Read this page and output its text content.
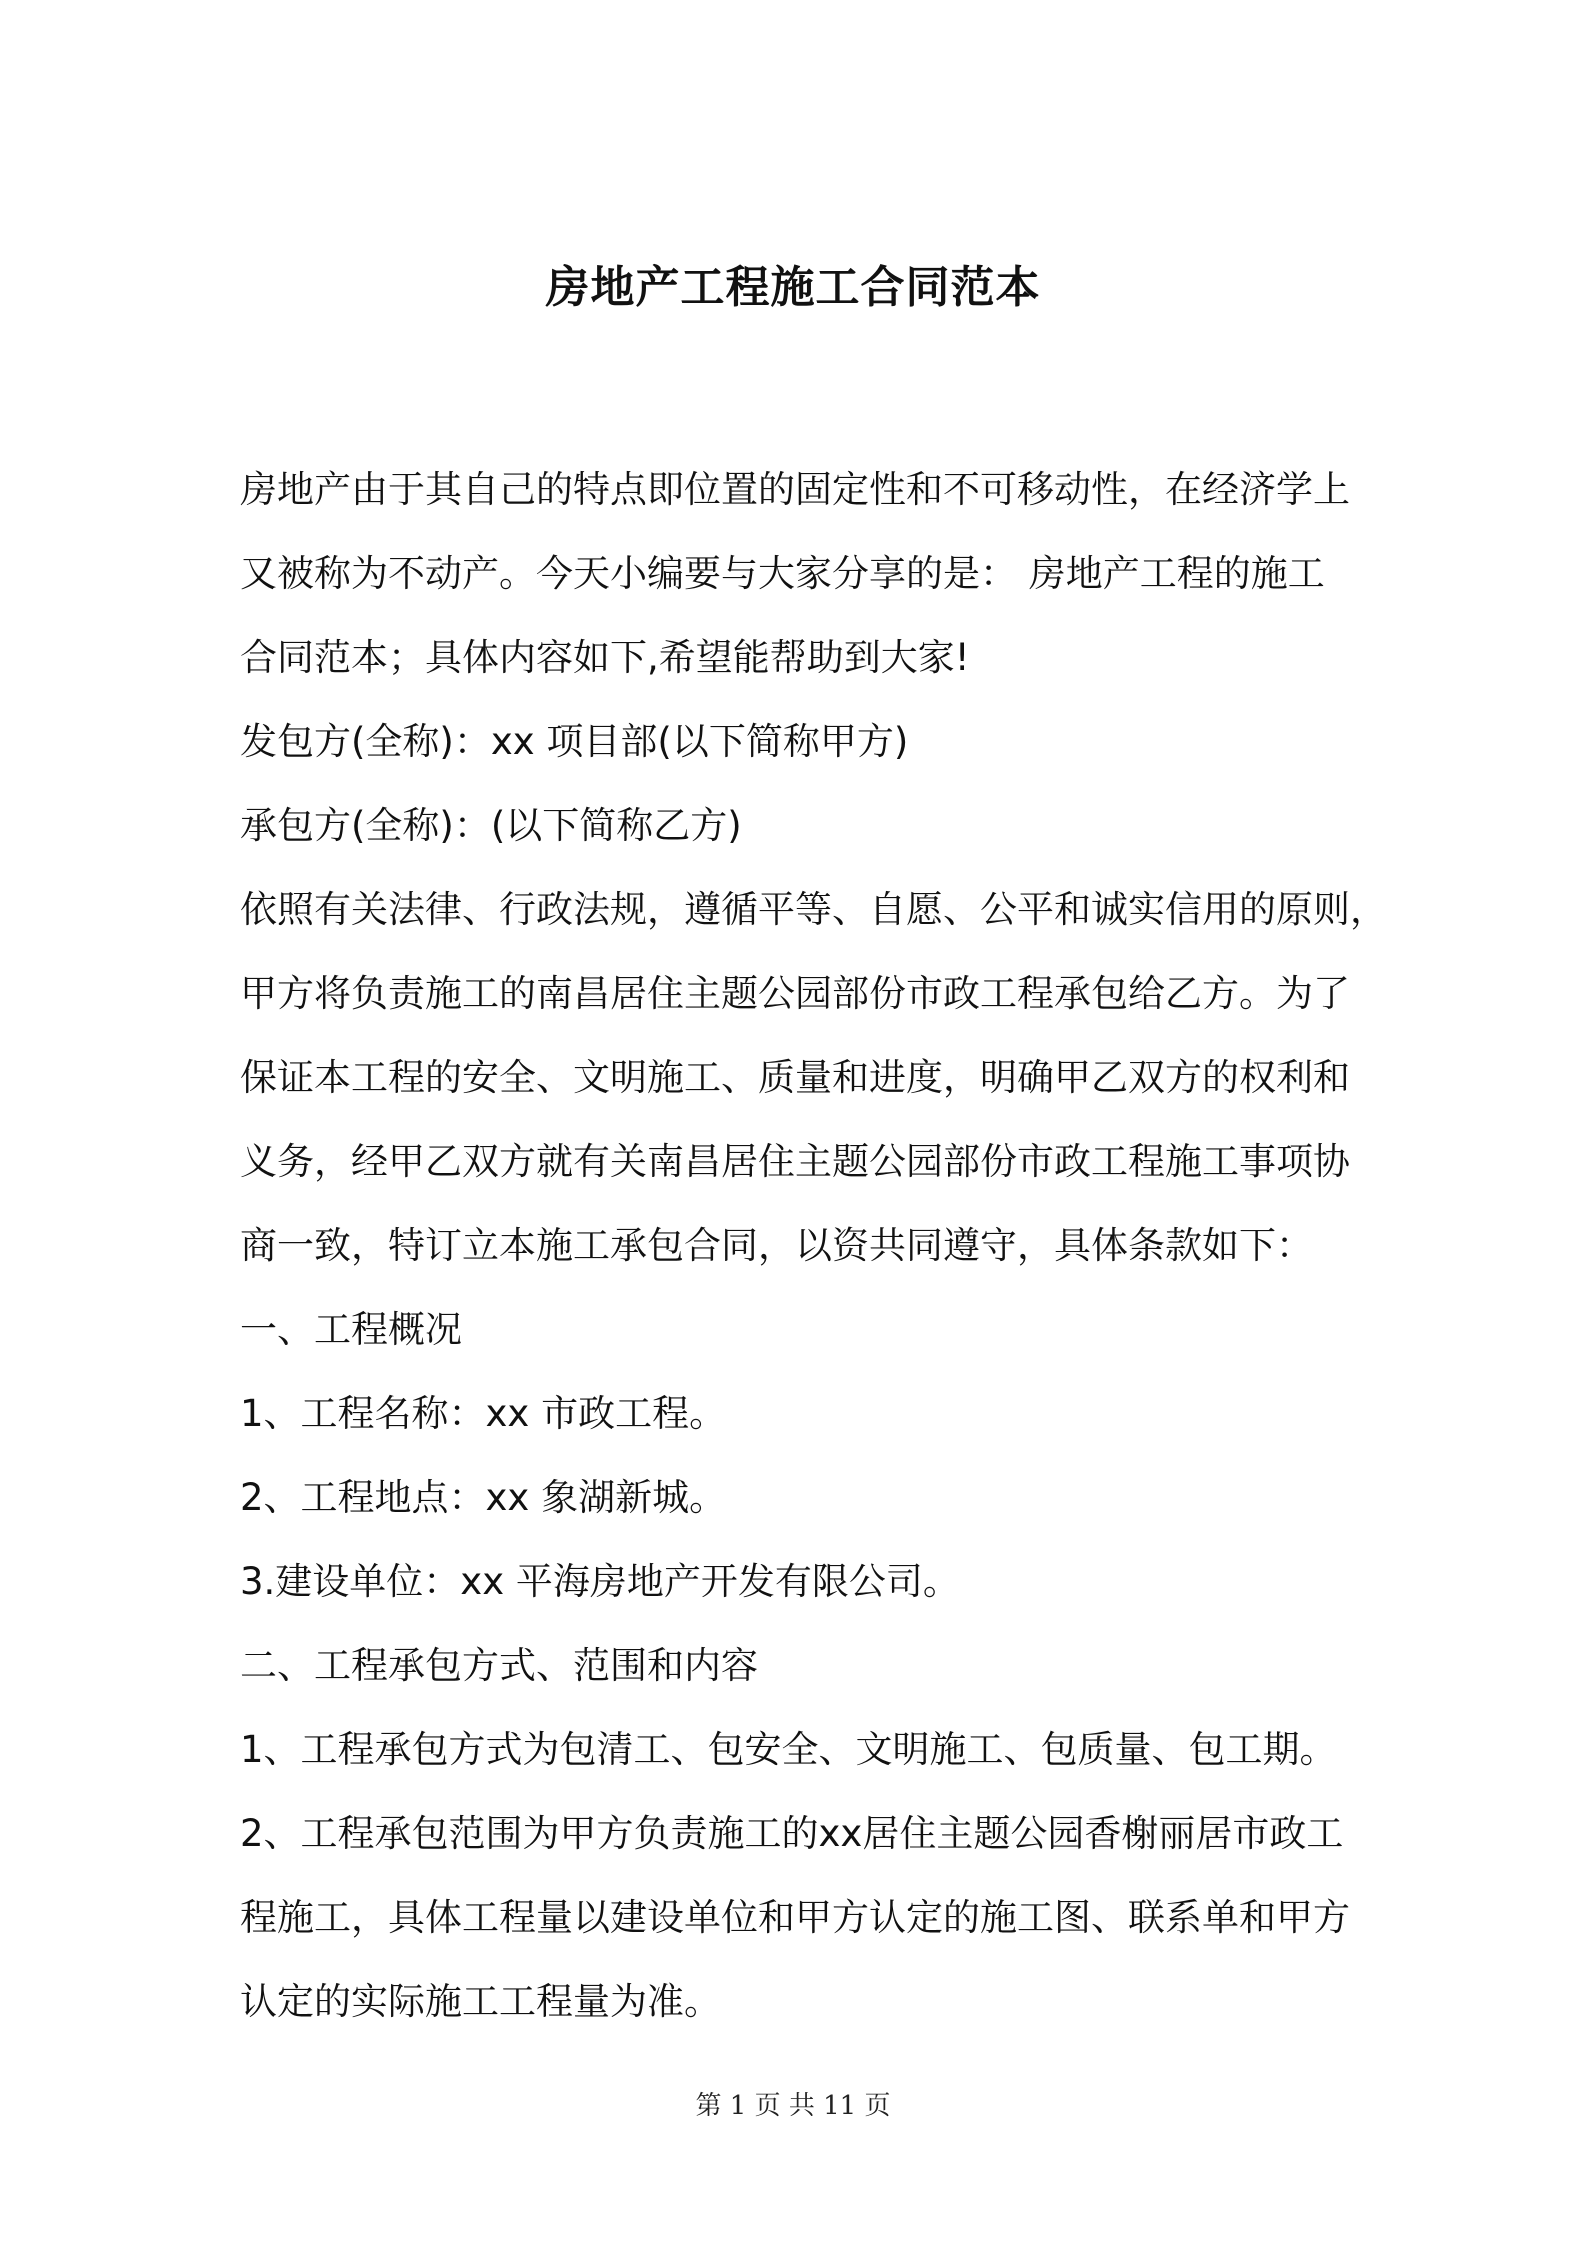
房地产工程施工合同范本

房地产由于其自己的特点即位置的固定性和不可移动性，在经济学上
又被称为不动产。今天小编要与大家分享的是： 房地产工程的施工
合同范本；具体内容如下,希望能帮助到大家!

发包方(全称)：xx 项目部(以下简称甲方)

承包方(全称)：(以下简称乙方)

依照有关法律、行政法规，遵循平等、自愿、公平和诚实信用的原则，
甲方将负责施工的南昌居住主题公园部份市政工程承包给乙方。为了
保证本工程的安全、文明施工、质量和进度，明确甲乙双方的权利和
义务，经甲乙双方就有关南昌居住主题公园部份市政工程施工事项协
商一致，特订立本施工承包合同，以资共同遵守，具体条款如下：

一、工程概况

1、工程名称：xx 市政工程。

2、工程地点：xx 象湖新城。

3.建设单位：xx 平海房地产开发有限公司。

二、工程承包方式、范围和内容

1、工程承包方式为包清工、包安全、文明施工、包质量、包工期。

2、工程承包范围为甲方负责施工的xx居住主题公园香榭丽居市政工
程施工，具体工程量以建设单位和甲方认定的施工图、联系单和甲方
认定的实际施工工程量为准。

第 1 页 共 11 页
